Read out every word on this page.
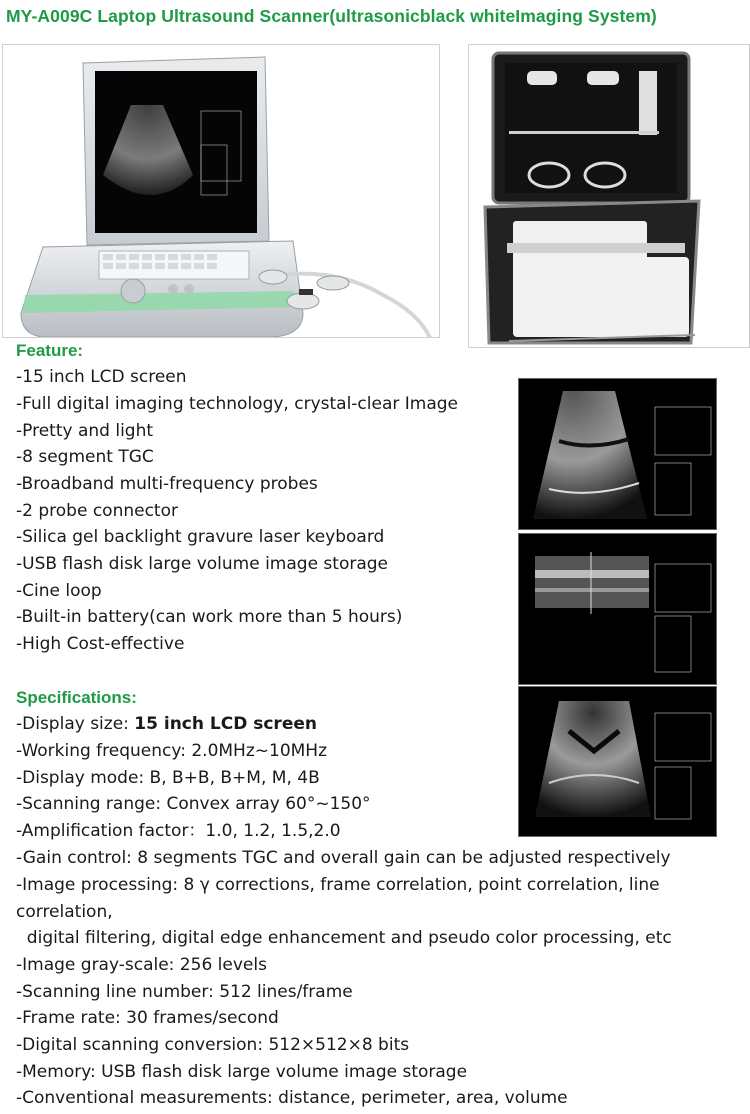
MY-A009C Laptop Ultrasound Scanner(ultrasonicblack whiteImaging System)
Feature:
-15 inch LCD screen
-Full digital imaging technology, crystal-clear Image
-Pretty and light
-8 segment TGC
-Broadband multi-frequency probes
-2 probe connector
-Silica gel backlight gravure laser keyboard
-USB flash disk large volume image storage
-Cine loop
-Built-in battery(can work more than 5 hours)
-High Cost-effective
Specifications:
-Display size: 15 inch LCD screen
-Working frequency: 2.0MHz~10MHz
-Display mode: B, B+B, B+M, M, 4B
-Scanning range: Convex array 60°~150°
-Amplification factor：1.0, 1.2, 1.5,2.0
-Gain control: 8 segments TGC and overall gain can be adjusted respectively
-Image processing: 8 γ corrections, frame correlation, point correlation, line
correlation,
digital filtering, digital edge enhancement and pseudo color processing, etc
-Image gray-scale: 256 levels
-Scanning line number: 512 lines/frame
-Frame rate: 30 frames/second
-Digital scanning conversion: 512×512×8 bits
-Memory: USB flash disk large volume image storage
-Conventional measurements: distance, perimeter, area, volume
